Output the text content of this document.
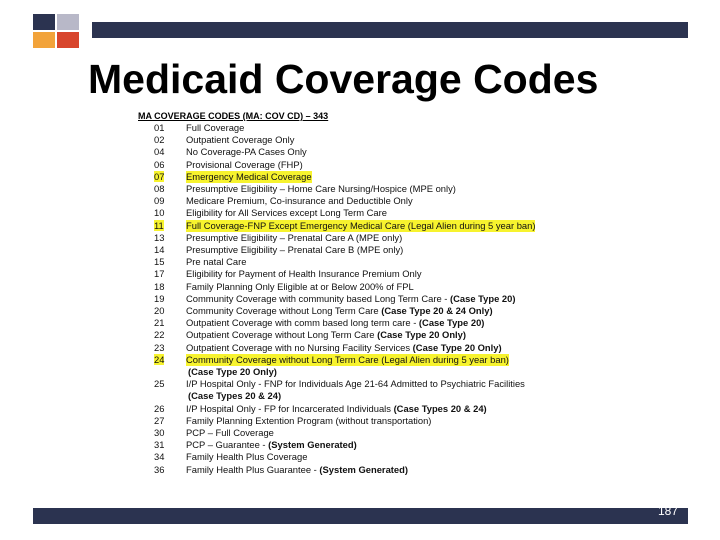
Medicaid Coverage Codes
MA COVERAGE CODES (MA: COV CD) – 343
01	Full Coverage
02	Outpatient Coverage Only
04	No Coverage-PA Cases Only
06	Provisional Coverage (FHP)
07	Emergency Medical Coverage
08	Presumptive Eligibility – Home Care Nursing/Hospice (MPE only)
09	Medicare Premium, Co-insurance and Deductible Only
10	Eligibility for All Services except Long Term Care
11	Full Coverage-FNP Except Emergency Medical Care (Legal Alien during 5 year ban)
13	Presumptive Eligibility – Prenatal Care A (MPE only)
14	Presumptive Eligibility – Prenatal Care B (MPE only)
15	Pre natal Care
17	Eligibility for Payment of Health Insurance Premium Only
18	Family Planning Only Eligible at or Below 200% of FPL
19	Community Coverage with community based Long Term Care - (Case Type 20)
20	Community Coverage without Long Term Care (Case Type 20 & 24 Only)
21	Outpatient Coverage with comm based long term care - (Case Type 20)
22	Outpatient Coverage without Long Term Care (Case Type 20 Only)
23	Outpatient Coverage with no Nursing Facility Services (Case Type 20 Only)
24	Community Coverage without Long Term Care (Legal Alien during 5 year ban)
(Case Type 20 Only)
25	I/P Hospital Only - FNP for Individuals Age 21-64 Admitted to Psychiatric Facilities
(Case Types 20 & 24)
26	I/P Hospital Only - FP for Incarcerated Individuals (Case Types 20 & 24)
27	Family Planning Extention Program (without transportation)
30	PCP – Full Coverage
31	PCP – Guarantee - (System Generated)
34	Family Health Plus Coverage
36	Family Health Plus Guarantee - (System Generated)
187
